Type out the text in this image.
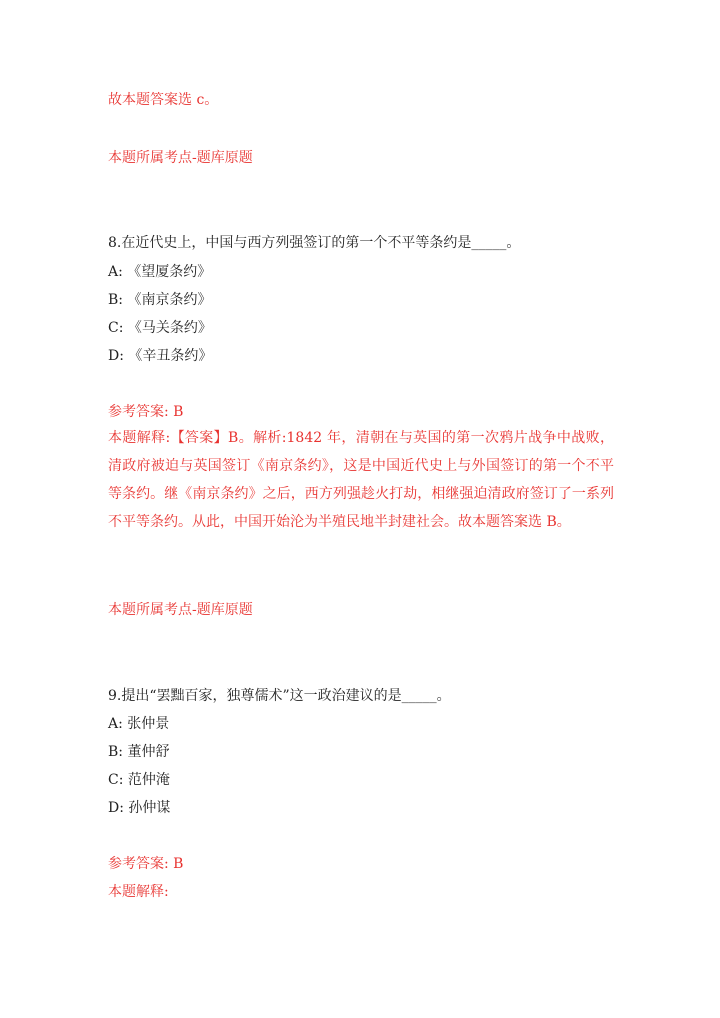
故本题答案选 c。
本题所属考点-题库原题
8.在近代史上，中国与西方列强签订的第一个不平等条约是_____。
A: 《望厦条约》
B: 《南京条约》
C: 《马关条约》
D: 《辛丑条约》
参考答案: B
本题解释:【答案】B。解析:1842 年，清朝在与英国的第一次鸦片战争中战败，清政府被迫与英国签订《南京条约》，这是中国近代史上与外国签订的第一个不平等条约。继《南京条约》之后，西方列强趁火打劫，相继强迫清政府签订了一系列不平等条约。从此，中国开始沦为半殖民地半封建社会。故本题答案选 B。
本题所属考点-题库原题
9.提出“罢黜百家，独尊儒术”这一政治建议的是_____。
A: 张仲景
B: 董仲舒
C: 范仲淹
D: 孙仲谋
参考答案: B
本题解释:
